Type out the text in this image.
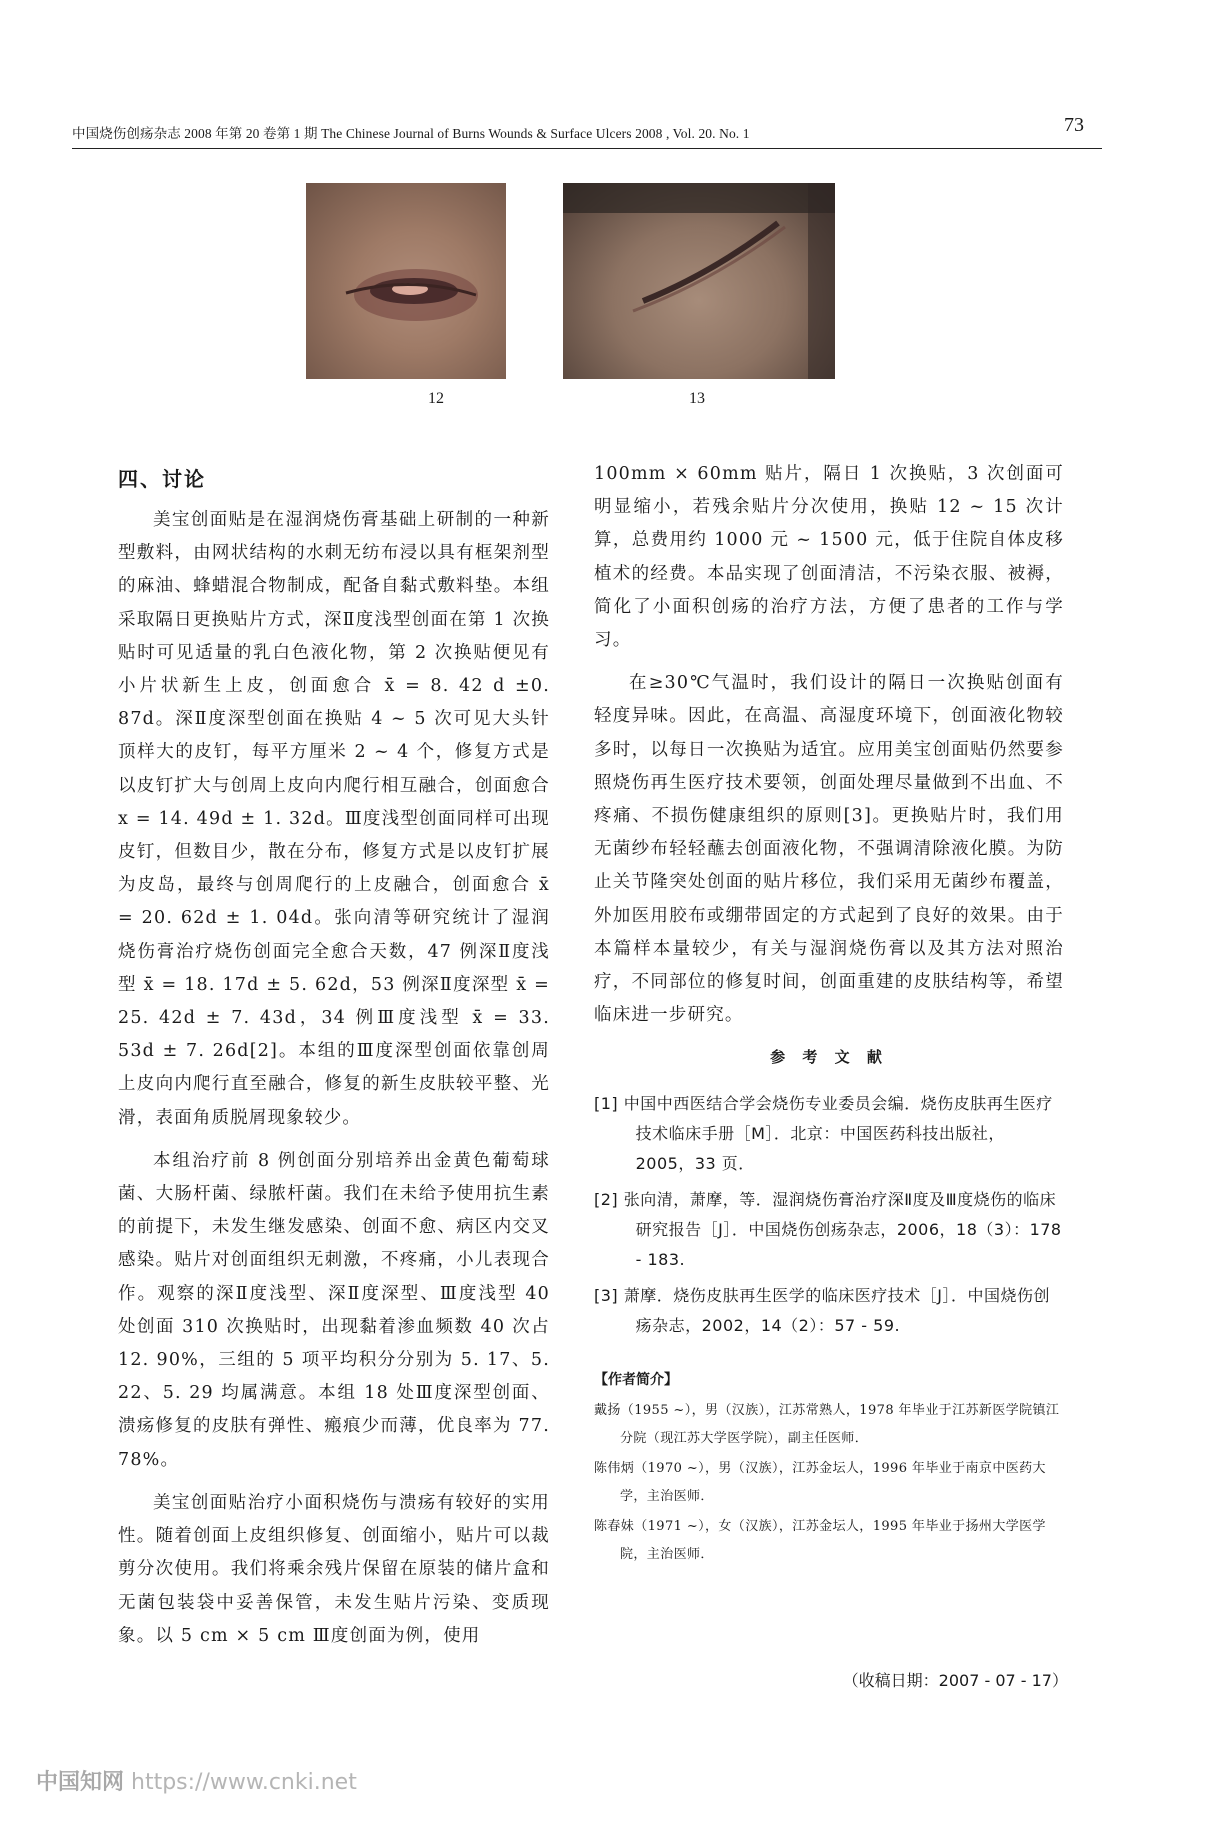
中国烧伤创疡杂志 2008 年第 20 卷第 1 期 The Chinese Journal of Burns Wounds & Surface Ulcers 2008 , Vol. 20. No. 1	73
12	13
四、讨论

美宝创面贴是在湿润烧伤膏基础上研制的一种新型敷料，由网状结构的水刺无纺布浸以具有框架剂型的麻油、蜂蜡混合物制成，配备自黏式敷料垫。本组采取隔日更换贴片方式，深Ⅱ度浅型创面在第 1 次换贴时可见适量的乳白色液化物，第 2 次换贴便见有小片状新生上皮，创面愈合 x̄ = 8. 42 d ±0. 87d。深Ⅱ度深型创面在换贴 4 ~ 5 次可见大头针顶样大的皮钉，每平方厘米 2 ~ 4 个，修复方式是以皮钉扩大与创周上皮向内爬行相互融合，创面愈合 x = 14. 49d ± 1. 32d。Ⅲ度浅型创面同样可出现皮钉，但数目少，散在分布，修复方式是以皮钉扩展为皮岛，最终与创周爬行的上皮融合，创面愈合 x̄ = 20. 62d ± 1. 04d。张向清等研究统计了湿润烧伤膏治疗烧伤创面完全愈合天数，47 例深Ⅱ度浅型 x̄ = 18. 17d ± 5. 62d，53 例深Ⅱ度深型 x̄ = 25. 42d ± 7. 43d，34 例Ⅲ度浅型 x̄ = 33. 53d ± 7. 26d[2]。本组的Ⅲ度深型创面依靠创周上皮向内爬行直至融合，修复的新生皮肤较平整、光滑，表面角质脱屑现象较少。

本组治疗前 8 例创面分别培养出金黄色葡萄球菌、大肠杆菌、绿脓杆菌。我们在未给予使用抗生素的前提下，未发生继发感染、创面不愈、病区内交叉感染。贴片对创面组织无刺激，不疼痛，小儿表现合作。观察的深Ⅱ度浅型、深Ⅱ度深型、Ⅲ度浅型 40 处创面 310 次换贴时，出现黏着渗血频数 40 次占 12. 90%，三组的 5 项平均积分分别为 5. 17、5. 22、5. 29 均属满意。本组 18 处Ⅲ度深型创面、溃疡修复的皮肤有弹性、瘢痕少而薄，优良率为 77. 78%。

美宝创面贴治疗小面积烧伤与溃疡有较好的实用性。随着创面上皮组织修复、创面缩小，贴片可以裁剪分次使用。我们将乘余残片保留在原装的储片盒和无菌包装袋中妥善保管，未发生贴片污染、变质现象。以 5 cm × 5 cm Ⅲ度创面为例，使用

100mm × 60mm 贴片，隔日 1 次换贴，3 次创面可明显缩小，若残余贴片分次使用，换贴 12 ~ 15 次计算，总费用约 1000 元 ~ 1500 元，低于住院自体皮移植术的经费。本品实现了创面清洁，不污染衣服、被褥，简化了小面积创疡的治疗方法，方便了患者的工作与学习。

在≥30℃气温时，我们设计的隔日一次换贴创面有轻度异味。因此，在高温、高湿度环境下，创面液化物较多时，以每日一次换贴为适宜。应用美宝创面贴仍然要参照烧伤再生医疗技术要领，创面处理尽量做到不出血、不疼痛、不损伤健康组织的原则[3]。更换贴片时，我们用无菌纱布轻轻蘸去创面液化物，不强调清除液化膜。为防止关节隆突处创面的贴片移位，我们采用无菌纱布覆盖，外加医用胶布或绷带固定的方式起到了良好的效果。由于本篇样本量较少，有关与湿润烧伤膏以及其方法对照治疗，不同部位的修复时间，创面重建的皮肤结构等，希望临床进一步研究。

参 考 文 献

[1] 中国中西医结合学会烧伤专业委员会编．烧伤皮肤再生医疗技术临床手册［M］．北京：中国医药科技出版社，2005，33 页．

[2] 张向清，萧摩，等．湿润烧伤膏治疗深Ⅱ度及Ⅲ度烧伤的临床研究报告［J］．中国烧伤创疡杂志，2006，18（3）：178 - 183.

[3] 萧摩．烧伤皮肤再生医学的临床医疗技术［J］．中国烧伤创疡杂志，2002，14（2）：57 - 59.

【作者简介】

戴扬（1955 ~），男（汉族），江苏常熟人，1978 年毕业于江苏新医学院镇江分院（现江苏大学医学院），副主任医师．

陈伟炳（1970 ~），男（汉族），江苏金坛人，1996 年毕业于南京中医药大学，主治医师．

陈春妹（1971 ~），女（汉族），江苏金坛人，1995 年毕业于扬州大学医学院，主治医师．

（收稿日期：2007 - 07 - 17）
中国知网 https://www.cnki.net
